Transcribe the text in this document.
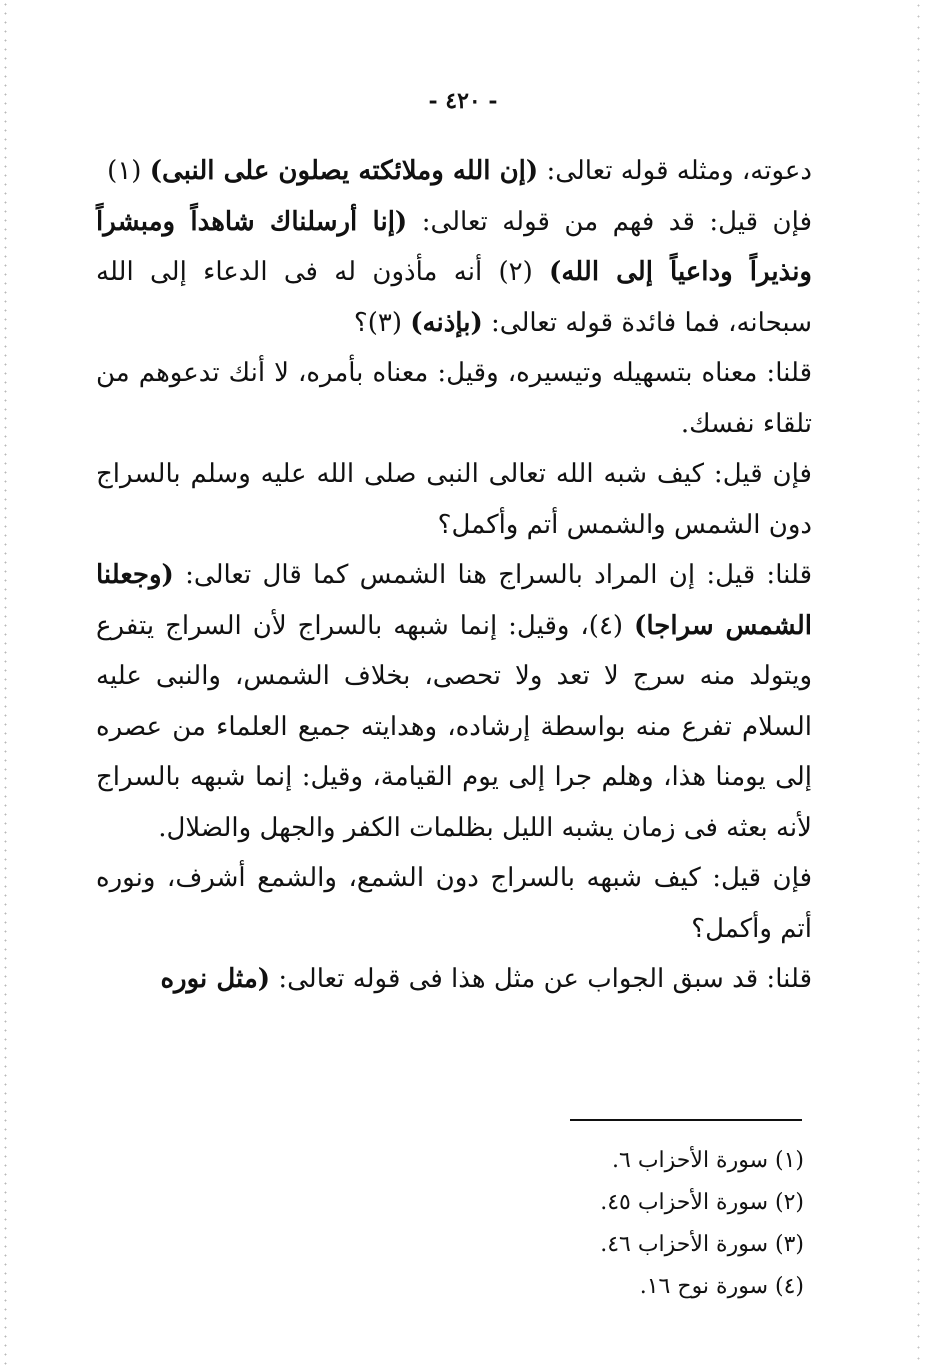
- ٤٢٠ -

دعوته، ومثله قوله تعالى: (إن الله وملائكته يصلون على النبى) (١)

فإن قيل: قد فهم من قوله تعالى: (إنا أرسلناك شاهداً ومبشراً ونذيراً وداعياً إلى الله) (٢) أنه مأذون له فى الدعاء إلى الله سبحانه، فما فائدة قوله تعالى: (بإذنه) (٣)؟

قلنا: معناه بتسهيله وتيسيره، وقيل: معناه بأمره، لا أنك تدعوهم من تلقاء نفسك.

فإن قيل: كيف شبه الله تعالى النبى صلى الله عليه وسلم بالسراج دون الشمس والشمس أتم وأكمل؟

قلنا: قيل: إن المراد بالسراج هنا الشمس كما قال تعالى: (وجعلنا الشمس سراجا) (٤)، وقيل: إنما شبهه بالسراج لأن السراج يتفرع ويتولد منه سرج لا تعد ولا تحصى، بخلاف الشمس، والنبى عليه السلام تفرع منه بواسطة إرشاده، وهدايته جميع العلماء من عصره إلى يومنا هذا، وهلم جرا إلى يوم القيامة، وقيل: إنما شبهه بالسراج لأنه بعثه فى زمان يشبه الليل بظلمات الكفر والجهل والضلال.

فإن قيل: كيف شبهه بالسراج دون الشمع، والشمع أشرف، ونوره أتم وأكمل؟

قلنا: قد سبق الجواب عن مثل هذا فى قوله تعالى: (مثل نوره

(١) سورة الأحزاب ٦.

(٢) سورة الأحزاب ٤٥.

(٣) سورة الأحزاب ٤٦.

(٤) سورة نوح ١٦.
